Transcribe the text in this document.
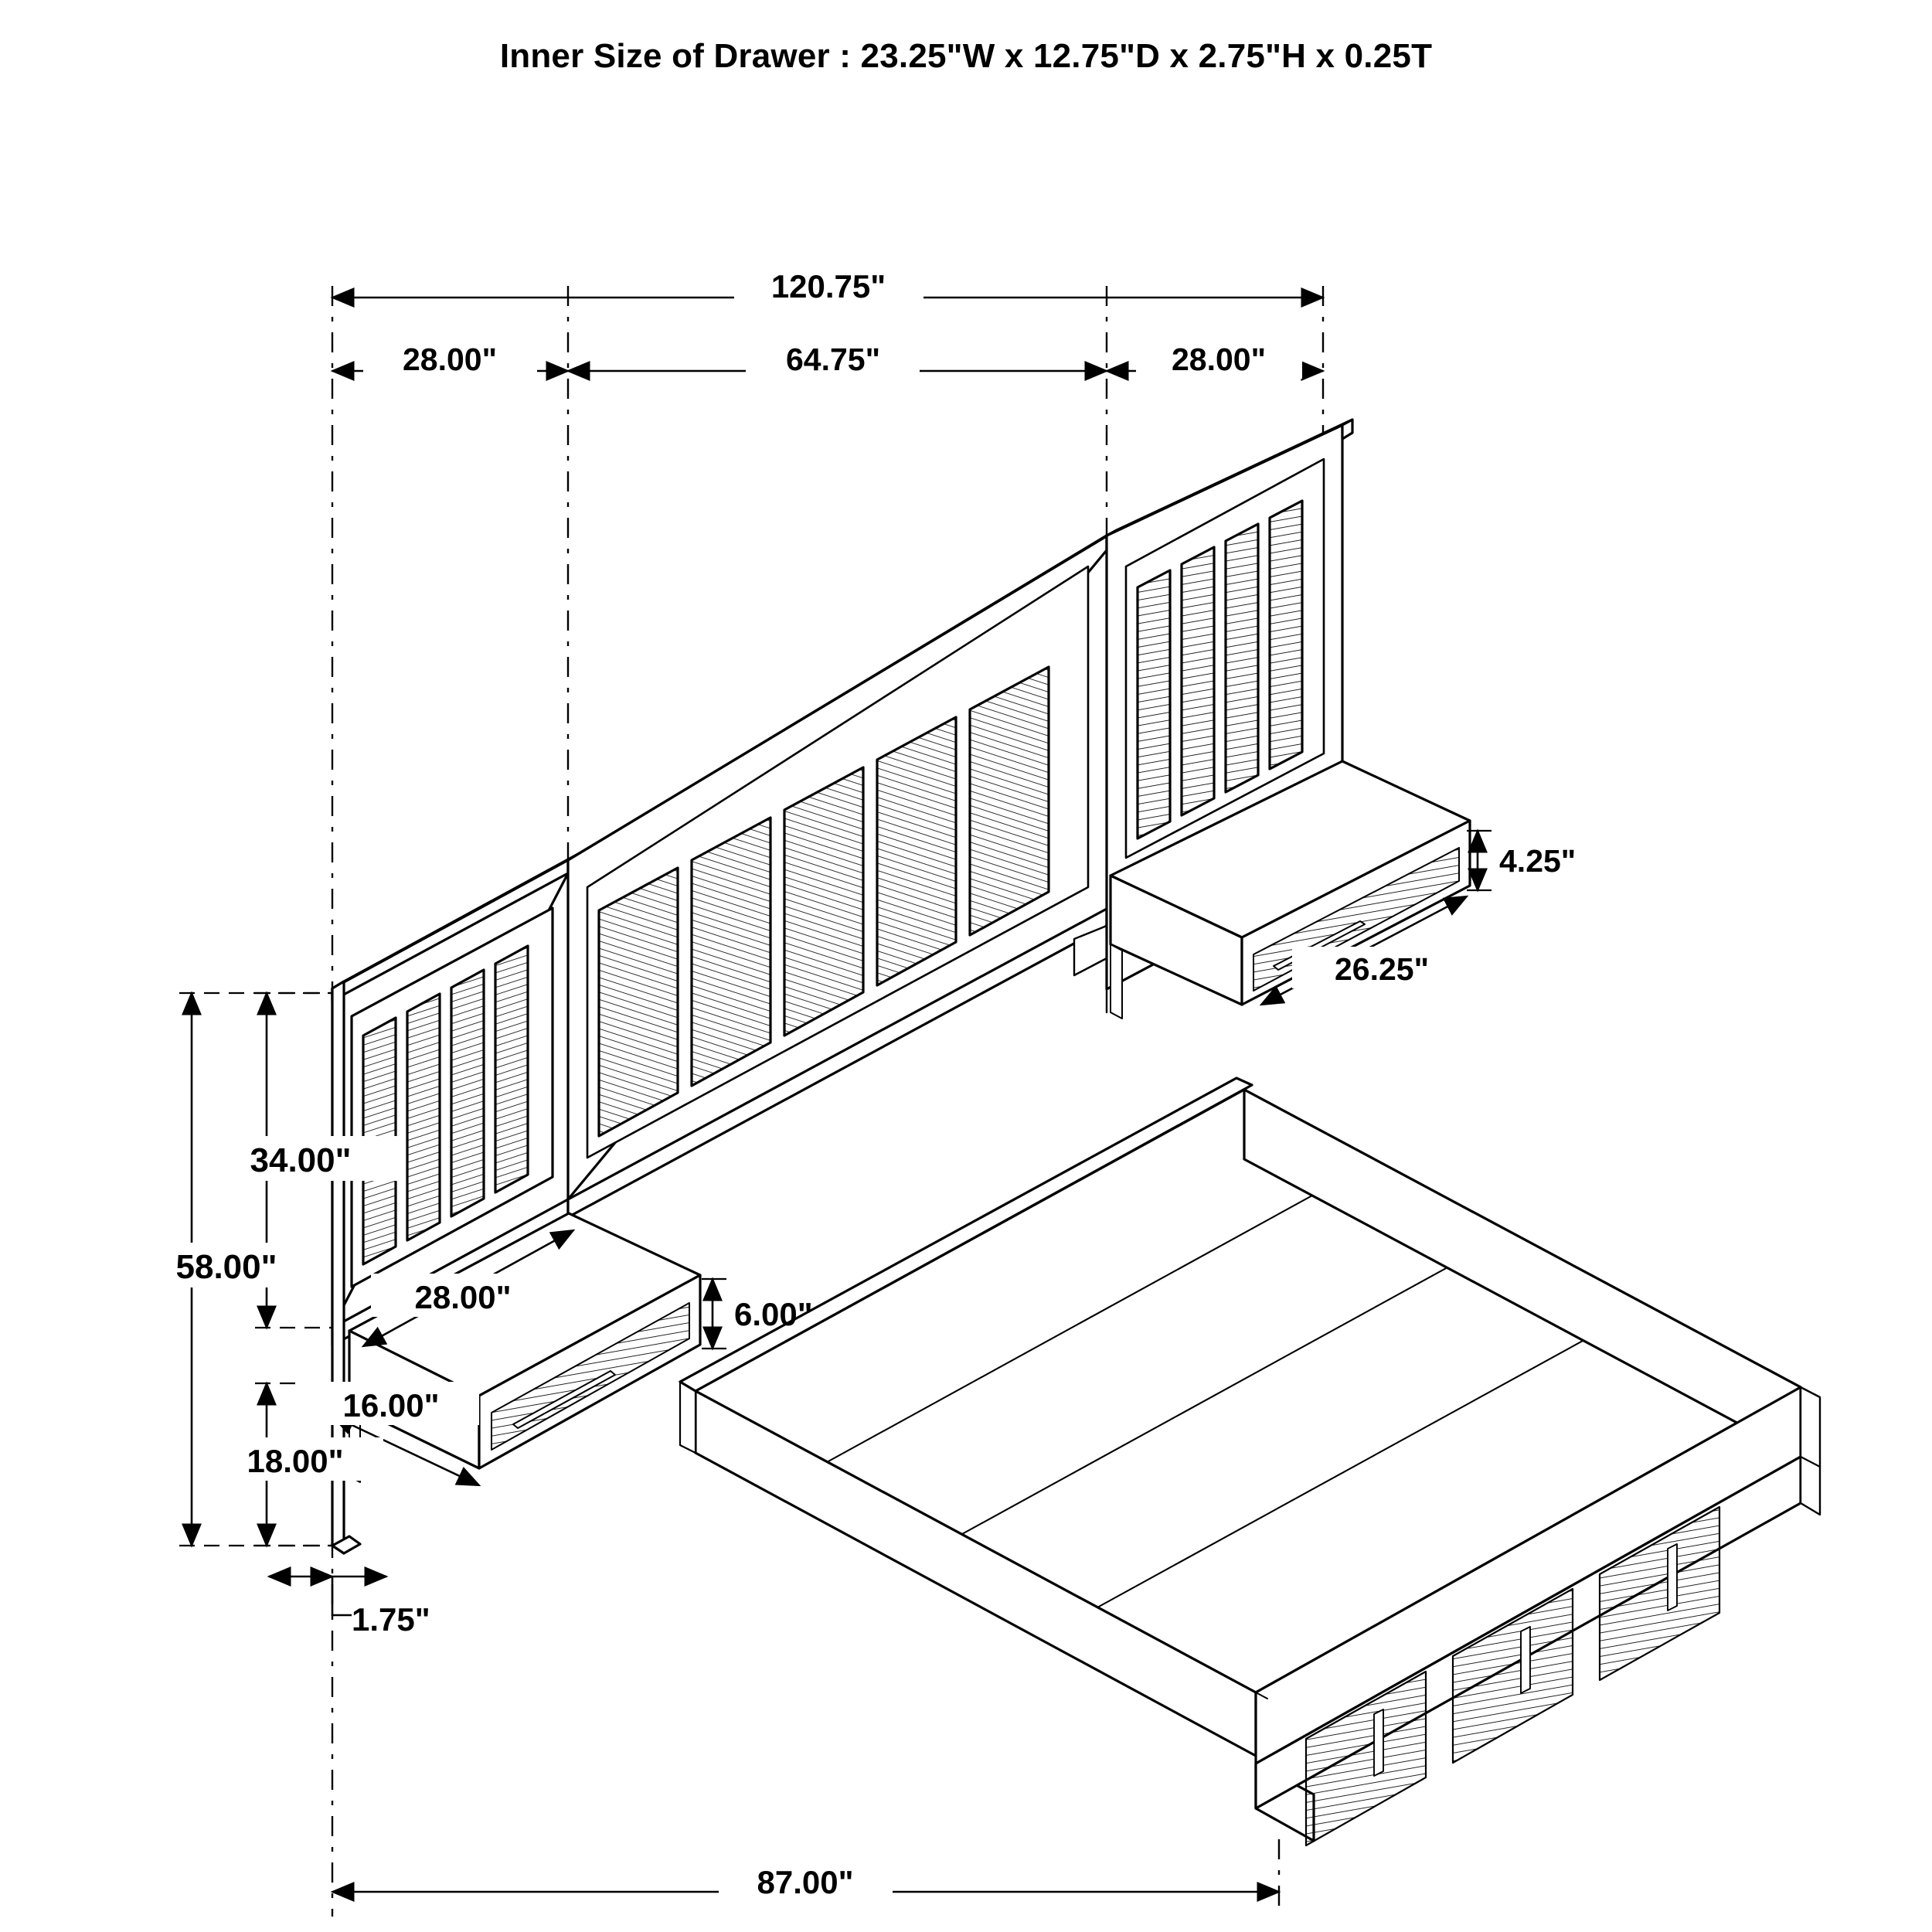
Inner Size of Drawer : 23.25"W x 12.75"D x 2.75"H x 0.25T
120.75"
28.00"	64.75"	28.00"
4.25"
26.25"
34.00"
58.00"
28.00"	6.00"
16.00"
18.00"
1.75"
87.00"
